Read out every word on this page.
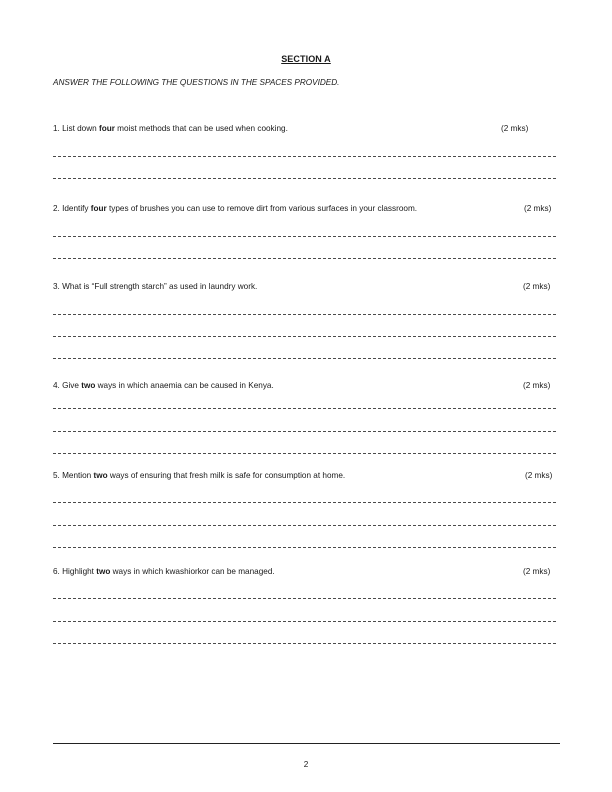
SECTION A
ANSWER THE FOLLOWING THE QUESTIONS IN THE SPACES PROVIDED.
1. List down four moist methods that can be used when cooking.	(2 mks)
2. Identify four types of brushes you can use to remove dirt from various surfaces in your classroom.	(2 mks)
3. What is “Full strength starch” as used in laundry work.	(2 mks)
4. Give two ways in which anaemia can be caused in Kenya.	(2 mks)
5. Mention two ways of ensuring that fresh milk is safe for consumption at home.	(2 mks)
6. Highlight two ways in which kwashiorkor can be managed.	(2 mks)
2
